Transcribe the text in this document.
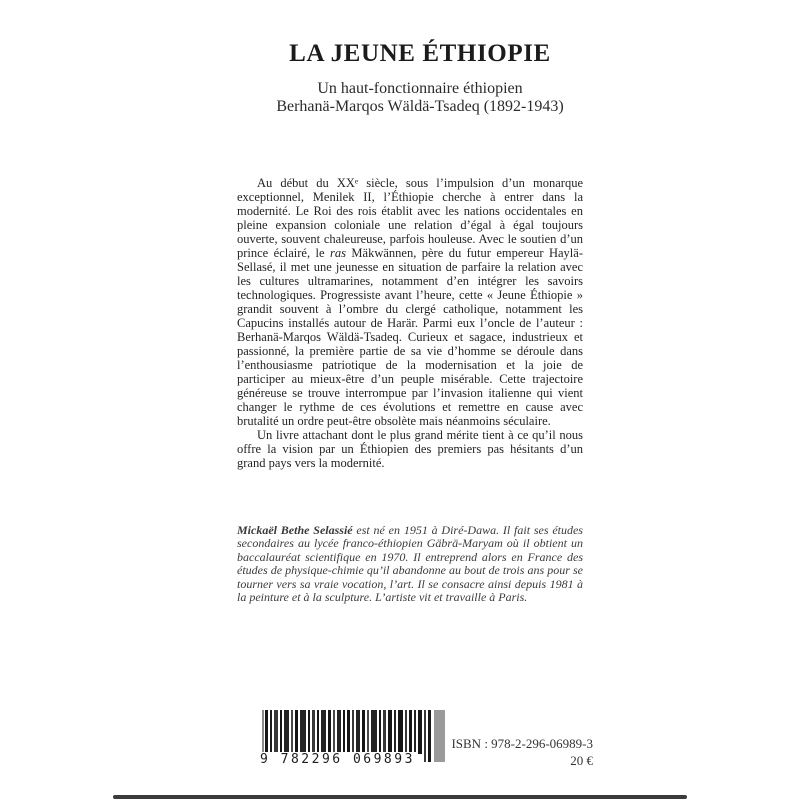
LA JEUNE ÉTHIOPIE
Un haut-fonctionnaire éthiopien
Berhanä-Marqos Wäldä-Tsadeq (1892-1943)

Au début du XXᵉ siècle, sous l’impulsion d’un monarque exceptionnel, Menilek II, l’Éthiopie cherche à entrer dans la modernité. Le Roi des rois établit avec les nations occidentales en pleine expansion coloniale une relation d’égal à égal toujours ouverte, souvent chaleureuse, parfois houleuse. Avec le soutien d’un prince éclairé, le ras Mäkwännen, père du futur empereur Haylä-Sellasé, il met une jeunesse en situation de parfaire la relation avec les cultures ultramarines, notamment d’en intégrer les savoirs technologiques. Progressiste avant l’heure, cette « Jeune Éthiopie » grandit souvent à l’ombre du clergé catholique, notamment les Capucins installés autour de Harär. Parmi eux l’oncle de l’auteur : Berhanä-Marqos Wäldä-Tsadeq. Curieux et sagace, industrieux et passionné, la première partie de sa vie d’homme se déroule dans l’enthousiasme patriotique de la modernisation et la joie de participer au mieux-être d’un peuple misérable. Cette trajectoire généreuse se trouve interrompue par l’invasion italienne qui vient changer le rythme de ces évolutions et remettre en cause avec brutalité un ordre peut-être obsolète mais néanmoins séculaire.

Un livre attachant dont le plus grand mérite tient à ce qu’il nous offre la vision par un Éthiopien des premiers pas hésitants d’un grand pays vers la modernité.

Mickaël Bethe Selassié est né en 1951 à Diré-Dawa. Il fait ses études secondaires au lycée franco-éthiopien Gäbrä-Maryam où il obtient un baccalauréat scientifique en 1970. Il entreprend alors en France des études de physique-chimie qu’il abandonne au bout de trois ans pour se tourner vers sa vraie vocation, l’art. Il se consacre ainsi depuis 1981 à la peinture et à la sculpture. L’artiste vit et travaille à Paris.

9 782296 069893
ISBN : 978-2-296-06989-3
20 €
